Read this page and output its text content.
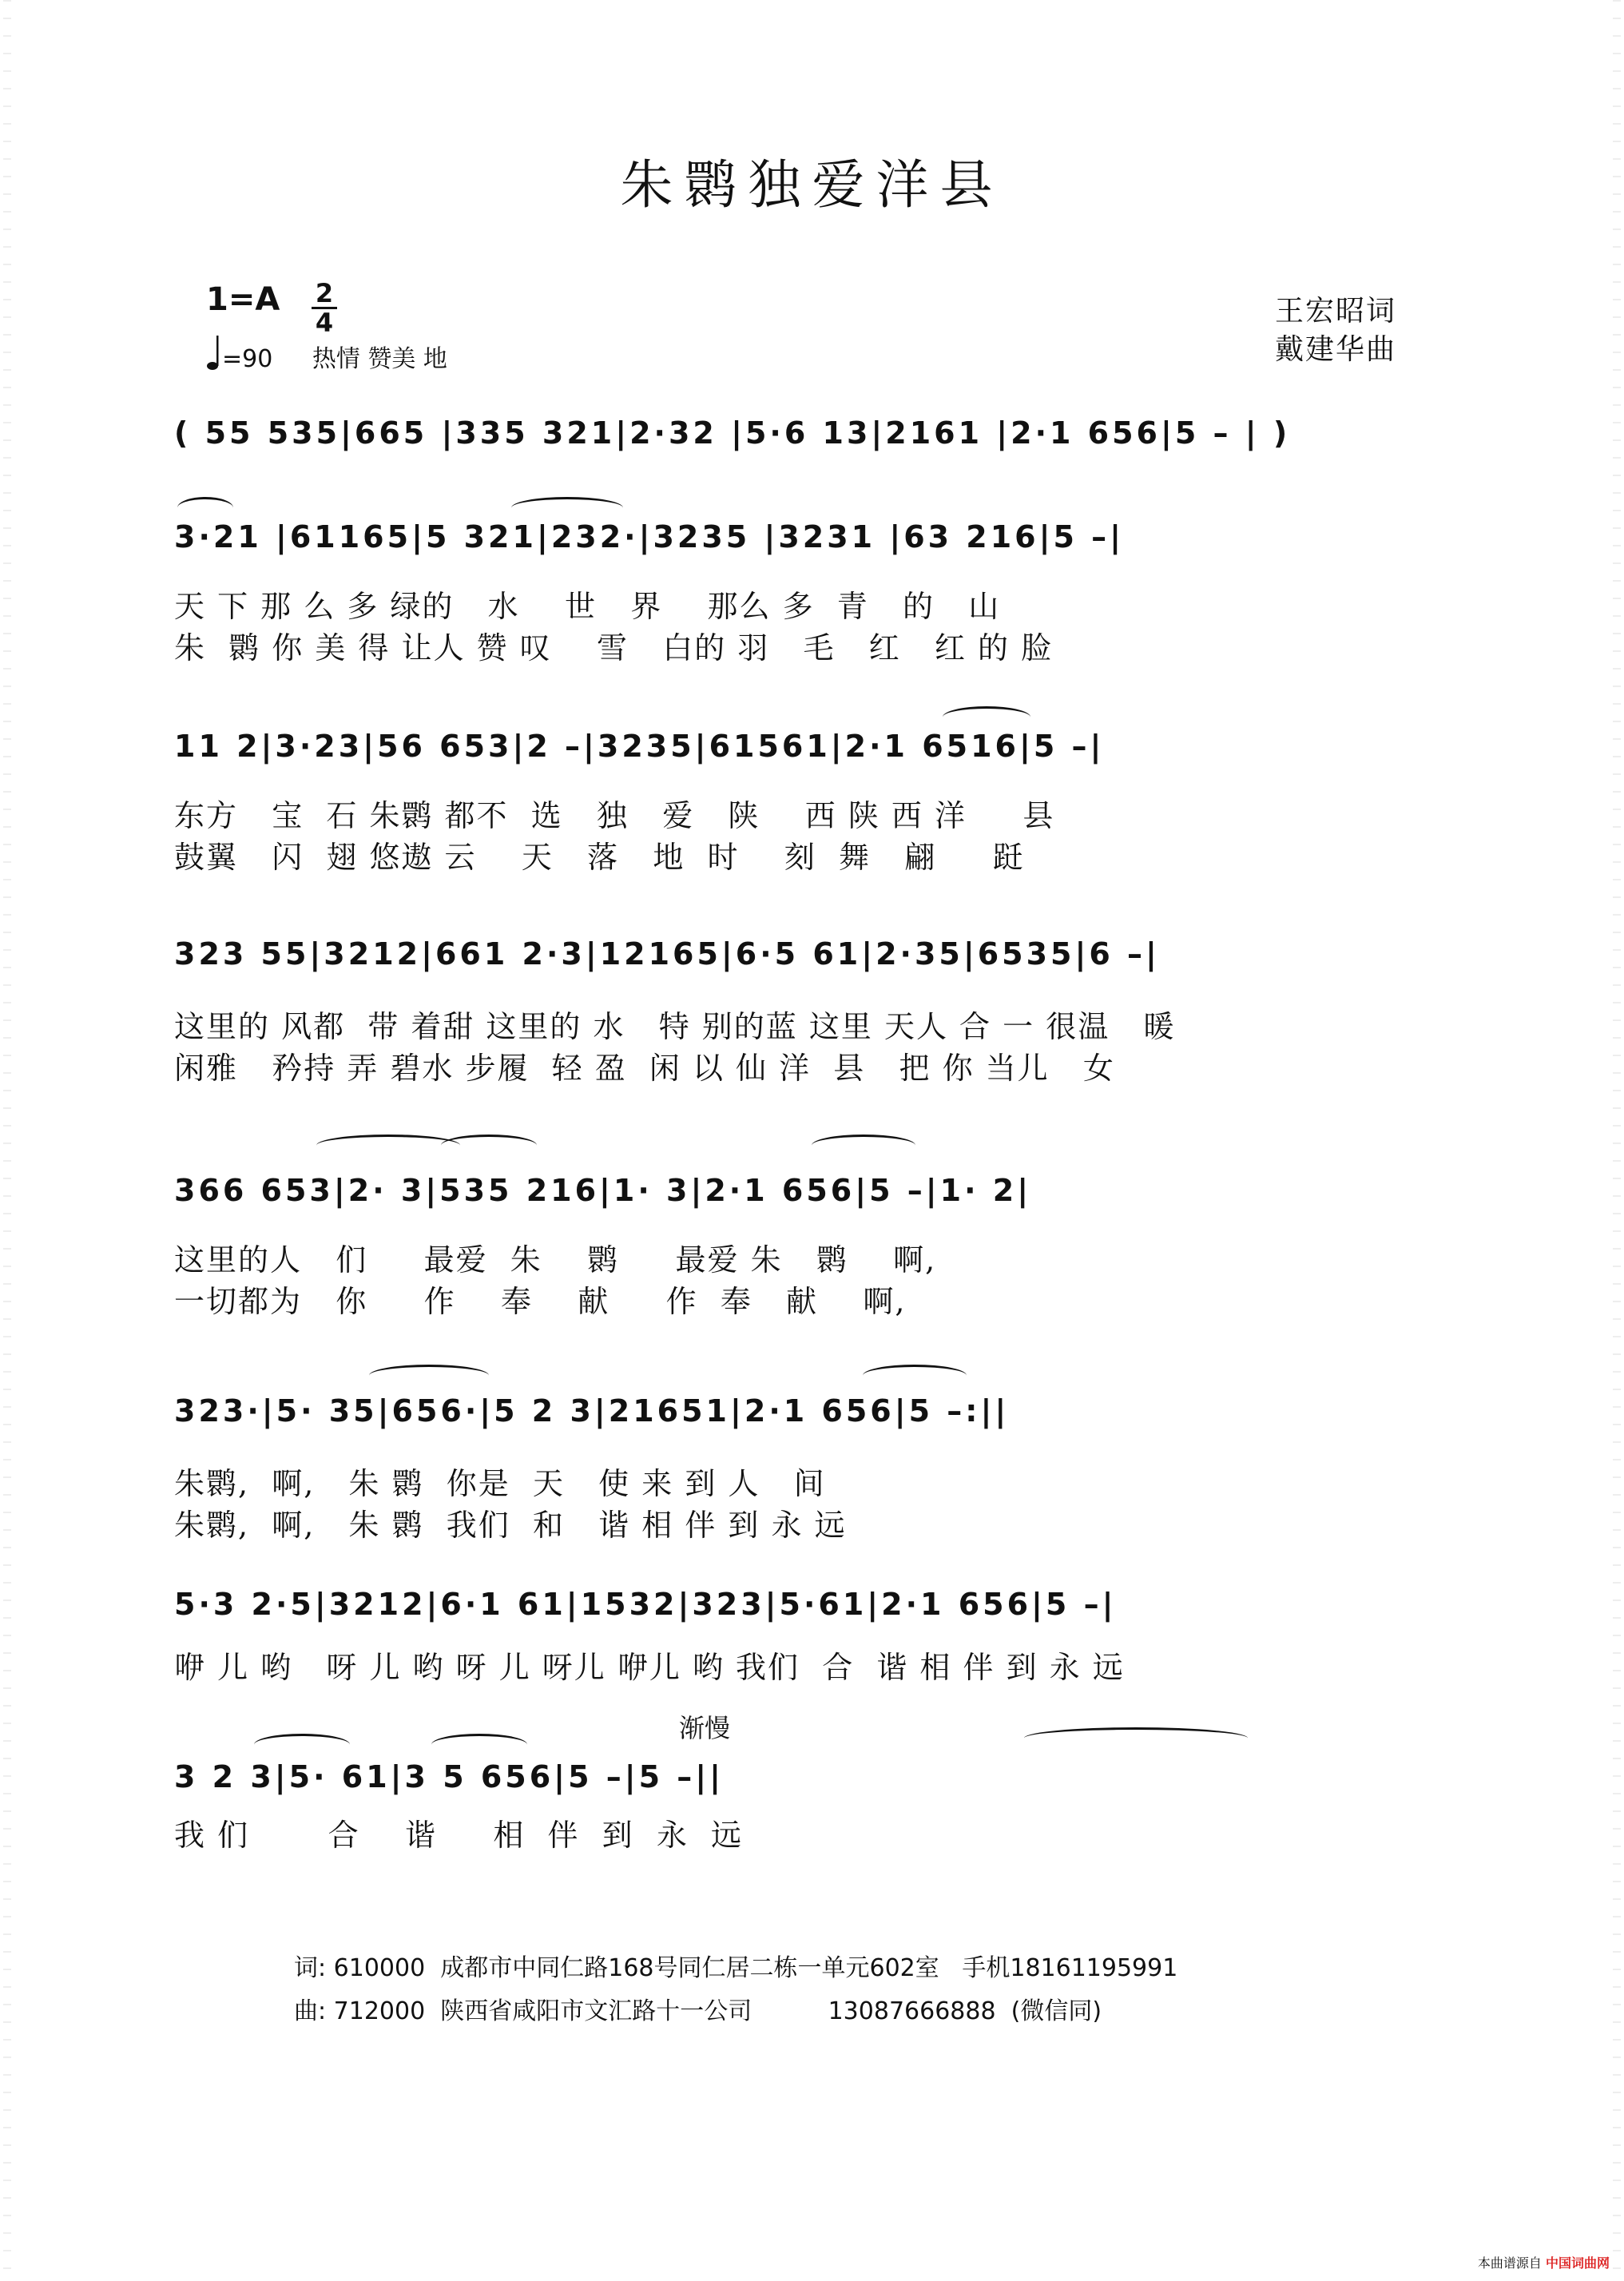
朱鹮独爱洋县
1=A 2
4
=90 热情 赞美 地
王宏昭词
戴建华曲
( 55 535|665 |335 321|2·32 |5·6 13|2161 |2·1 656|5 – | )
3·21 |61165|5 321|232·|3235 |3231 |63 216|5 –|
天 下 那 么 多 绿的   水    世   界    那么 多  青   的   山
朱  鹮 你 美 得 让人 赞 叹    雪   白的 羽   毛   红   红 的 脸
11 2|3·23|56 653|2 –|3235|61561|2·1 6516|5 –|
东方   宝  石 朱鹮 都不  选   独   爱   陕    西 陕 西 洋     县
鼓翼   闪  翅 悠遨 云    天   落   地  时    刻  舞   翩     跹
323 55|3212|661 2·3|12165|6·5 61|2·35|6535|6 –|
这里的 风都  带 着甜 这里的 水   特 别的蓝 这里 天人 合 一 很温   暖
闲雅   矜持 弄 碧水 步履  轻 盈  闲 以 仙 洋  县   把 你 当儿   女
366 653|2· 3|535 216|1· 3|2·1 656|5 –|1· 2|
这里的人   们     最爱  朱    鹮     最爱 朱   鹮    啊,
一切都为   你     作    奉    献     作  奉   献    啊,
323·|5· 35|656·|5 2 3|21651|2·1 656|5 –:||
朱鹮,  啊,   朱 鹮  你是  天   使 来 到 人   间
朱鹮,  啊,   朱 鹮  我们  和   谐 相 伴 到 永 远
5·3 2·5|3212|6·1 61|1532|323|5·61|2·1 656|5 –|
咿 儿 哟   呀 儿 哟 呀 儿 呀儿 咿儿 哟 我们  合  谐 相 伴 到 永 远
渐慢
3 2 3|5· 61|3 5 656|5 –|5 –||
我 们       合    谐     相  伴  到  永  远
词: 610000  成都市中同仁路168号同仁居二栋一单元602室   手机18161195991
曲: 712000  陕西省咸阳市文汇路十一公司          13087666888  (微信同)
本曲谱源自 中国词曲网
